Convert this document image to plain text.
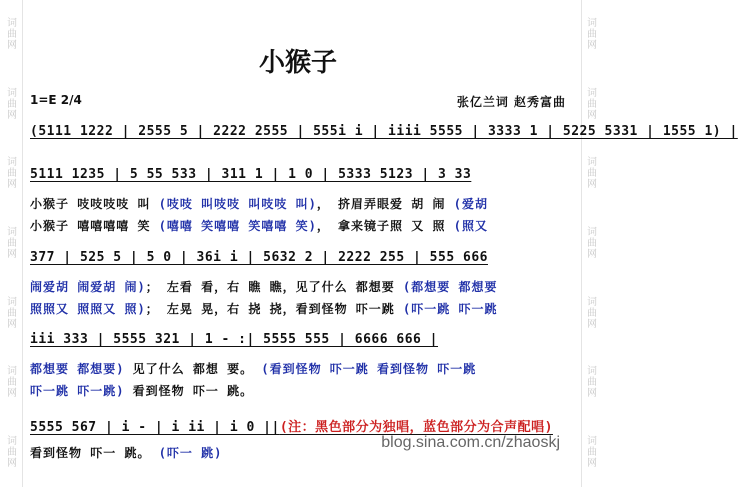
词
曲
网
词
曲
网
词
曲
网
词
曲
网
词
曲
网
词
曲
网
词
曲
网
词
曲
网
词
曲
网
词
曲
网
词
曲
网
词
曲
网
词
曲
网
词
曲
网
小猴子
1=E 2/4	张亿兰词 赵秀富曲
(5111 1222 | 2555 5 | 2222 2555 | 555i i | iiii 5555 | 3333 1 | 5225 5331 | 1555 1) |
5111 1235 | 5 55 533 | 311 1 | 1 0 | 5333 5123 | 3 33
小猴子 吱吱吱吱 叫 (吱吱 叫吱吱 叫吱吱 叫)， 挤眉弄眼爱 胡 闹 (爱胡
小猴子 嘻嘻嘻嘻 笑 (嘻嘻 笑嘻嘻 笑嘻嘻 笑)， 拿来镜子照 又 照 (照又
377 | 525 5 | 5 0 | 36i i | 5632 2 | 2222 255 | 555 666
闹爱胡 闹爱胡 闹)； 左看 看，右 瞧 瞧，见了什么 都想要 (都想要 都想要
照照又 照照又 照)； 左晃 晃，右 挠 挠，看到怪物 吓一跳 (吓一跳 吓一跳
iii 333 | 5555 321 | 1 - :| 5555 555 | 6666 666 |
都想要 都想要) 见了什么 都想 要。 (看到怪物 吓一跳 看到怪物 吓一跳
吓一跳 吓一跳) 看到怪物 吓一 跳。
5555 567 | i - | i ii | i 0 ||(注：黑色部分为独唱，蓝色部分为合声配唱)
看到怪物 吓一 跳。 (吓一 跳)
blog.sina.com.cn/zhaoskj
